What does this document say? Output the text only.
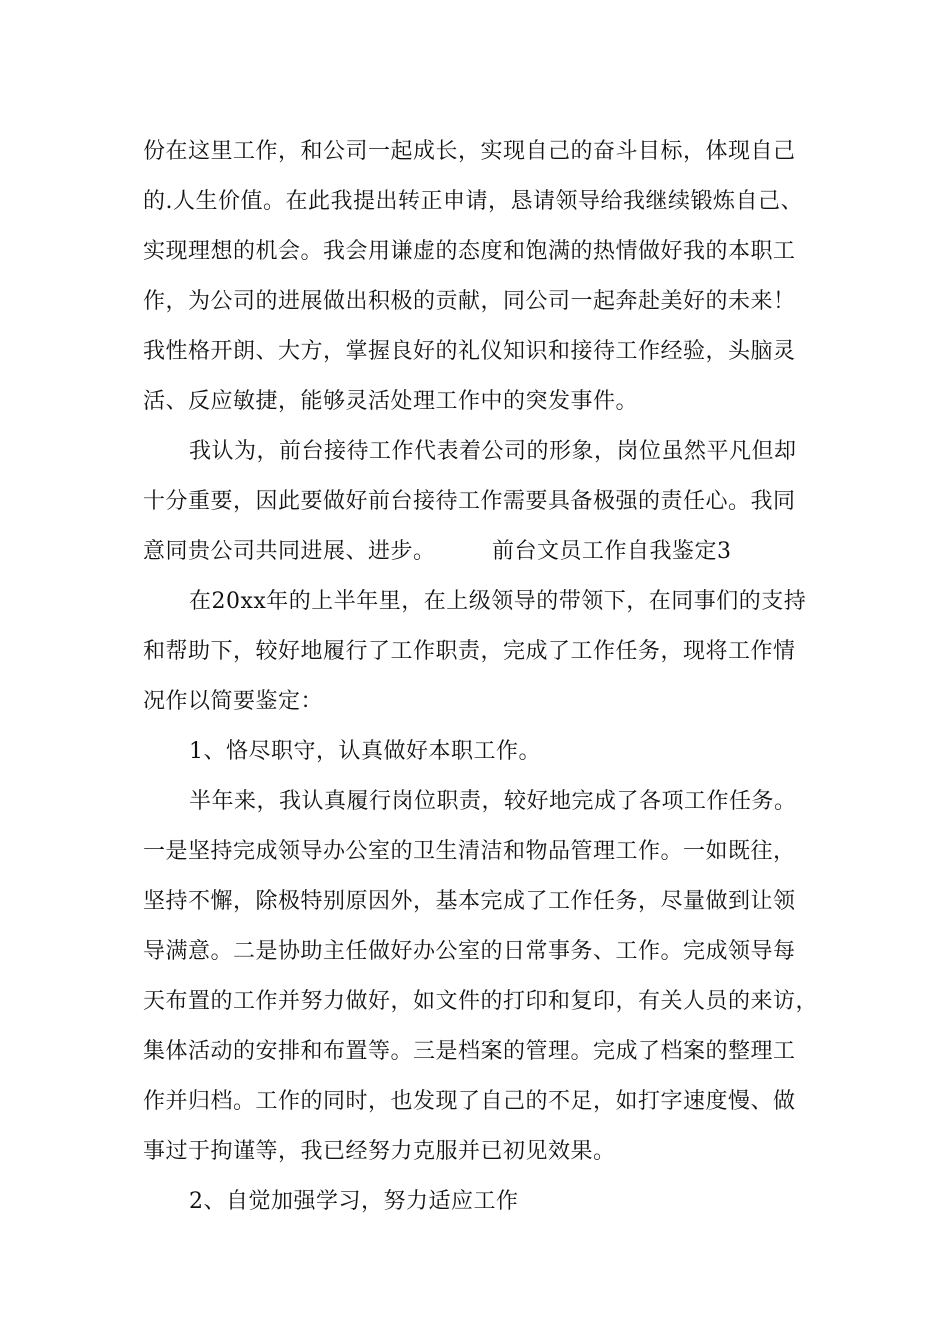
份在这里工作，和公司一起成长，实现自己的奋斗目标，体现自己
的.人生价值。在此我提出转正申请，恳请领导给我继续锻炼自己、
实现理想的机会。我会用谦虚的态度和饱满的热情做好我的本职工
作，为公司的进展做出积极的贡献，同公司一起奔赴美好的未来！
我性格开朗、大方，掌握良好的礼仪知识和接待工作经验，头脑灵
活、反应敏捷，能够灵活处理工作中的突发事件。
我认为，前台接待工作代表着公司的形象，岗位虽然平凡但却
十分重要，因此要做好前台接待工作需要具备极强的责任心。我同
意同贵公司共同进展、进步。　　　前台文员工作自我鉴定3
在20xx年的上半年里，在上级领导的带领下，在同事们的支持
和帮助下，较好地履行了工作职责，完成了工作任务，现将工作情
况作以简要鉴定：
1、恪尽职守，认真做好本职工作。
半年来，我认真履行岗位职责，较好地完成了各项工作任务。
一是坚持完成领导办公室的卫生清洁和物品管理工作。一如既往，
坚持不懈，除极特别原因外，基本完成了工作任务，尽量做到让领
导满意。二是协助主任做好办公室的日常事务、工作。完成领导每
天布置的工作并努力做好，如文件的打印和复印，有关人员的来访，
集体活动的安排和布置等。三是档案的管理。完成了档案的整理工
作并归档。工作的同时，也发现了自己的不足，如打字速度慢、做
事过于拘谨等，我已经努力克服并已初见效果。
2、自觉加强学习，努力适应工作
